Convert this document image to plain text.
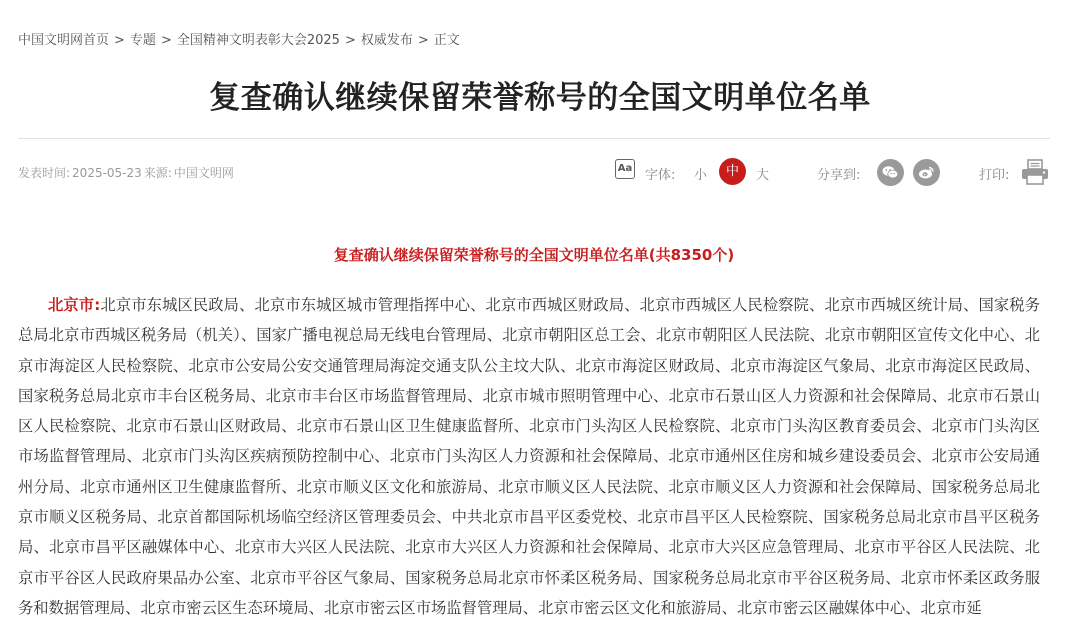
中国文明网首页 > 专题 > 全国精神文明表彰大会2025 > 权威发布 > 正文
复查确认继续保留荣誉称号的全国文明单位名单
发表时间: 2025-05-23 来源: 中国文明网	Aa 字体: 小	中	大	分享到:	打印:
复查确认继续保留荣誉称号的全国文明单位名单(共8350个)

北京市:北京市东城区民政局、北京市东城区城市管理指挥中心、北京市西城区财政局、北京市西城区人民检察院、北京市西城区统计局、国家税务总局北京市西城区税务局（机关）、国家广播电视总局无线电台管理局、北京市朝阳区总工会、北京市朝阳区人民法院、北京市朝阳区宣传文化中心、北京市海淀区人民检察院、北京市公安局公安交通管理局海淀交通支队公主坟大队、北京市海淀区财政局、北京市海淀区气象局、北京市海淀区民政局、国家税务总局北京市丰台区税务局、北京市丰台区市场监督管理局、北京市城市照明管理中心、北京市石景山区人力资源和社会保障局、北京市石景山区人民检察院、北京市石景山区财政局、北京市石景山区卫生健康监督所、北京市门头沟区人民检察院、北京市门头沟区教育委员会、北京市门头沟区市场监督管理局、北京市门头沟区疾病预防控制中心、北京市门头沟区人力资源和社会保障局、北京市通州区住房和城乡建设委员会、北京市公安局通州分局、北京市通州区卫生健康监督所、北京市顺义区文化和旅游局、北京市顺义区人民法院、北京市顺义区人力资源和社会保障局、国家税务总局北京市顺义区税务局、北京首都国际机场临空经济区管理委员会、中共北京市昌平区委党校、北京市昌平区人民检察院、国家税务总局北京市昌平区税务局、北京市昌平区融媒体中心、北京市大兴区人民法院、北京市大兴区人力资源和社会保障局、北京市大兴区应急管理局、北京市平谷区人民法院、北京市平谷区人民政府果品办公室、北京市平谷区气象局、国家税务总局北京市怀柔区税务局、国家税务总局北京市平谷区税务局、北京市怀柔区政务服务和数据管理局、北京市密云区生态环境局、北京市密云区市场监督管理局、北京市密云区文化和旅游局、北京市密云区融媒体中心、北京市延
